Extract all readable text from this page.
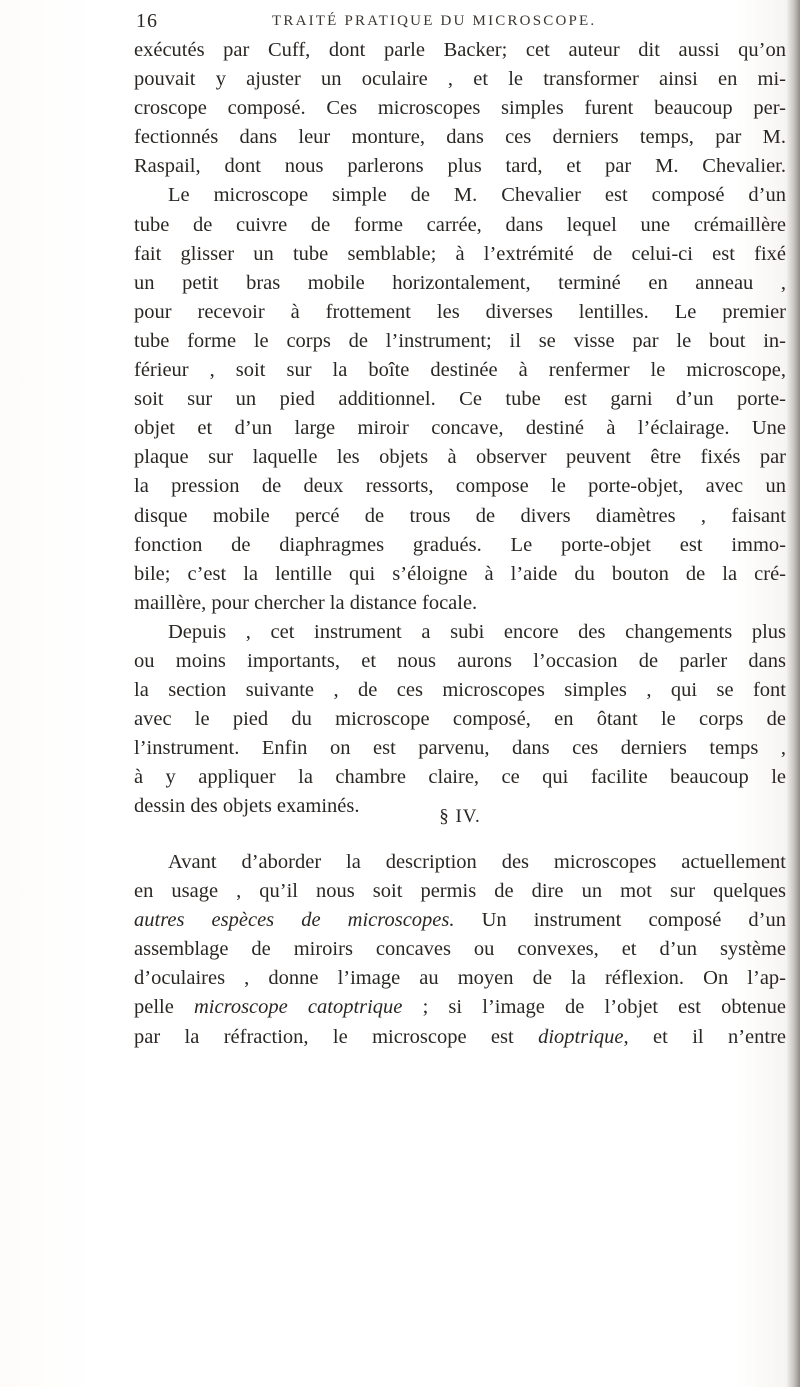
16	TRAITÉ PRATIQUE DU MICROSCOPE.
exécutés par Cuff, dont parle Backer; cet auteur dit aussi qu’on
pouvait y ajuster un oculaire , et le transformer ainsi en mi-
croscope composé. Ces microscopes simples furent beaucoup per-
fectionnés dans leur monture, dans ces derniers temps, par M.
Raspail, dont nous parlerons plus tard, et par M. Chevalier.
Le microscope simple de M. Chevalier est composé d’un
tube de cuivre de forme carrée, dans lequel une crémaillère
fait glisser un tube semblable; à l’extrémité de celui-ci est fixé
un petit bras mobile horizontalement, terminé en anneau ,
pour recevoir à frottement les diverses lentilles. Le premier
tube forme le corps de l’instrument; il se visse par le bout in-
férieur , soit sur la boîte destinée à renfermer le microscope,
soit sur un pied additionnel. Ce tube est garni d’un porte-
objet et d’un large miroir concave, destiné à l’éclairage. Une
plaque sur laquelle les objets à observer peuvent être fixés par
la pression de deux ressorts, compose le porte-objet, avec un
disque mobile percé de trous de divers diamètres , faisant
fonction de diaphragmes gradués. Le porte-objet est immo-
bile; c’est la lentille qui s’éloigne à l’aide du bouton de la cré-
maillère, pour chercher la distance focale.
Depuis , cet instrument a subi encore des changements plus
ou moins importants, et nous aurons l’occasion de parler dans
la section suivante , de ces microscopes simples , qui se font
avec le pied du microscope composé, en ôtant le corps de
l’instrument. Enfin on est parvenu, dans ces derniers temps ,
à y appliquer la chambre claire, ce qui facilite beaucoup le
dessin des objets examinés.	§ IV.
Avant d’aborder la description des microscopes actuellement
en usage , qu’il nous soit permis de dire un mot sur quelques
autres espèces de microscopes. Un instrument composé d’un
assemblage de miroirs concaves ou convexes, et d’un système
d’oculaires , donne l’image au moyen de la réflexion. On l’ap-
pelle microscope catoptrique ; si l’image de l’objet est obtenue
par la réfraction, le microscope est dioptrique, et il n’entre
